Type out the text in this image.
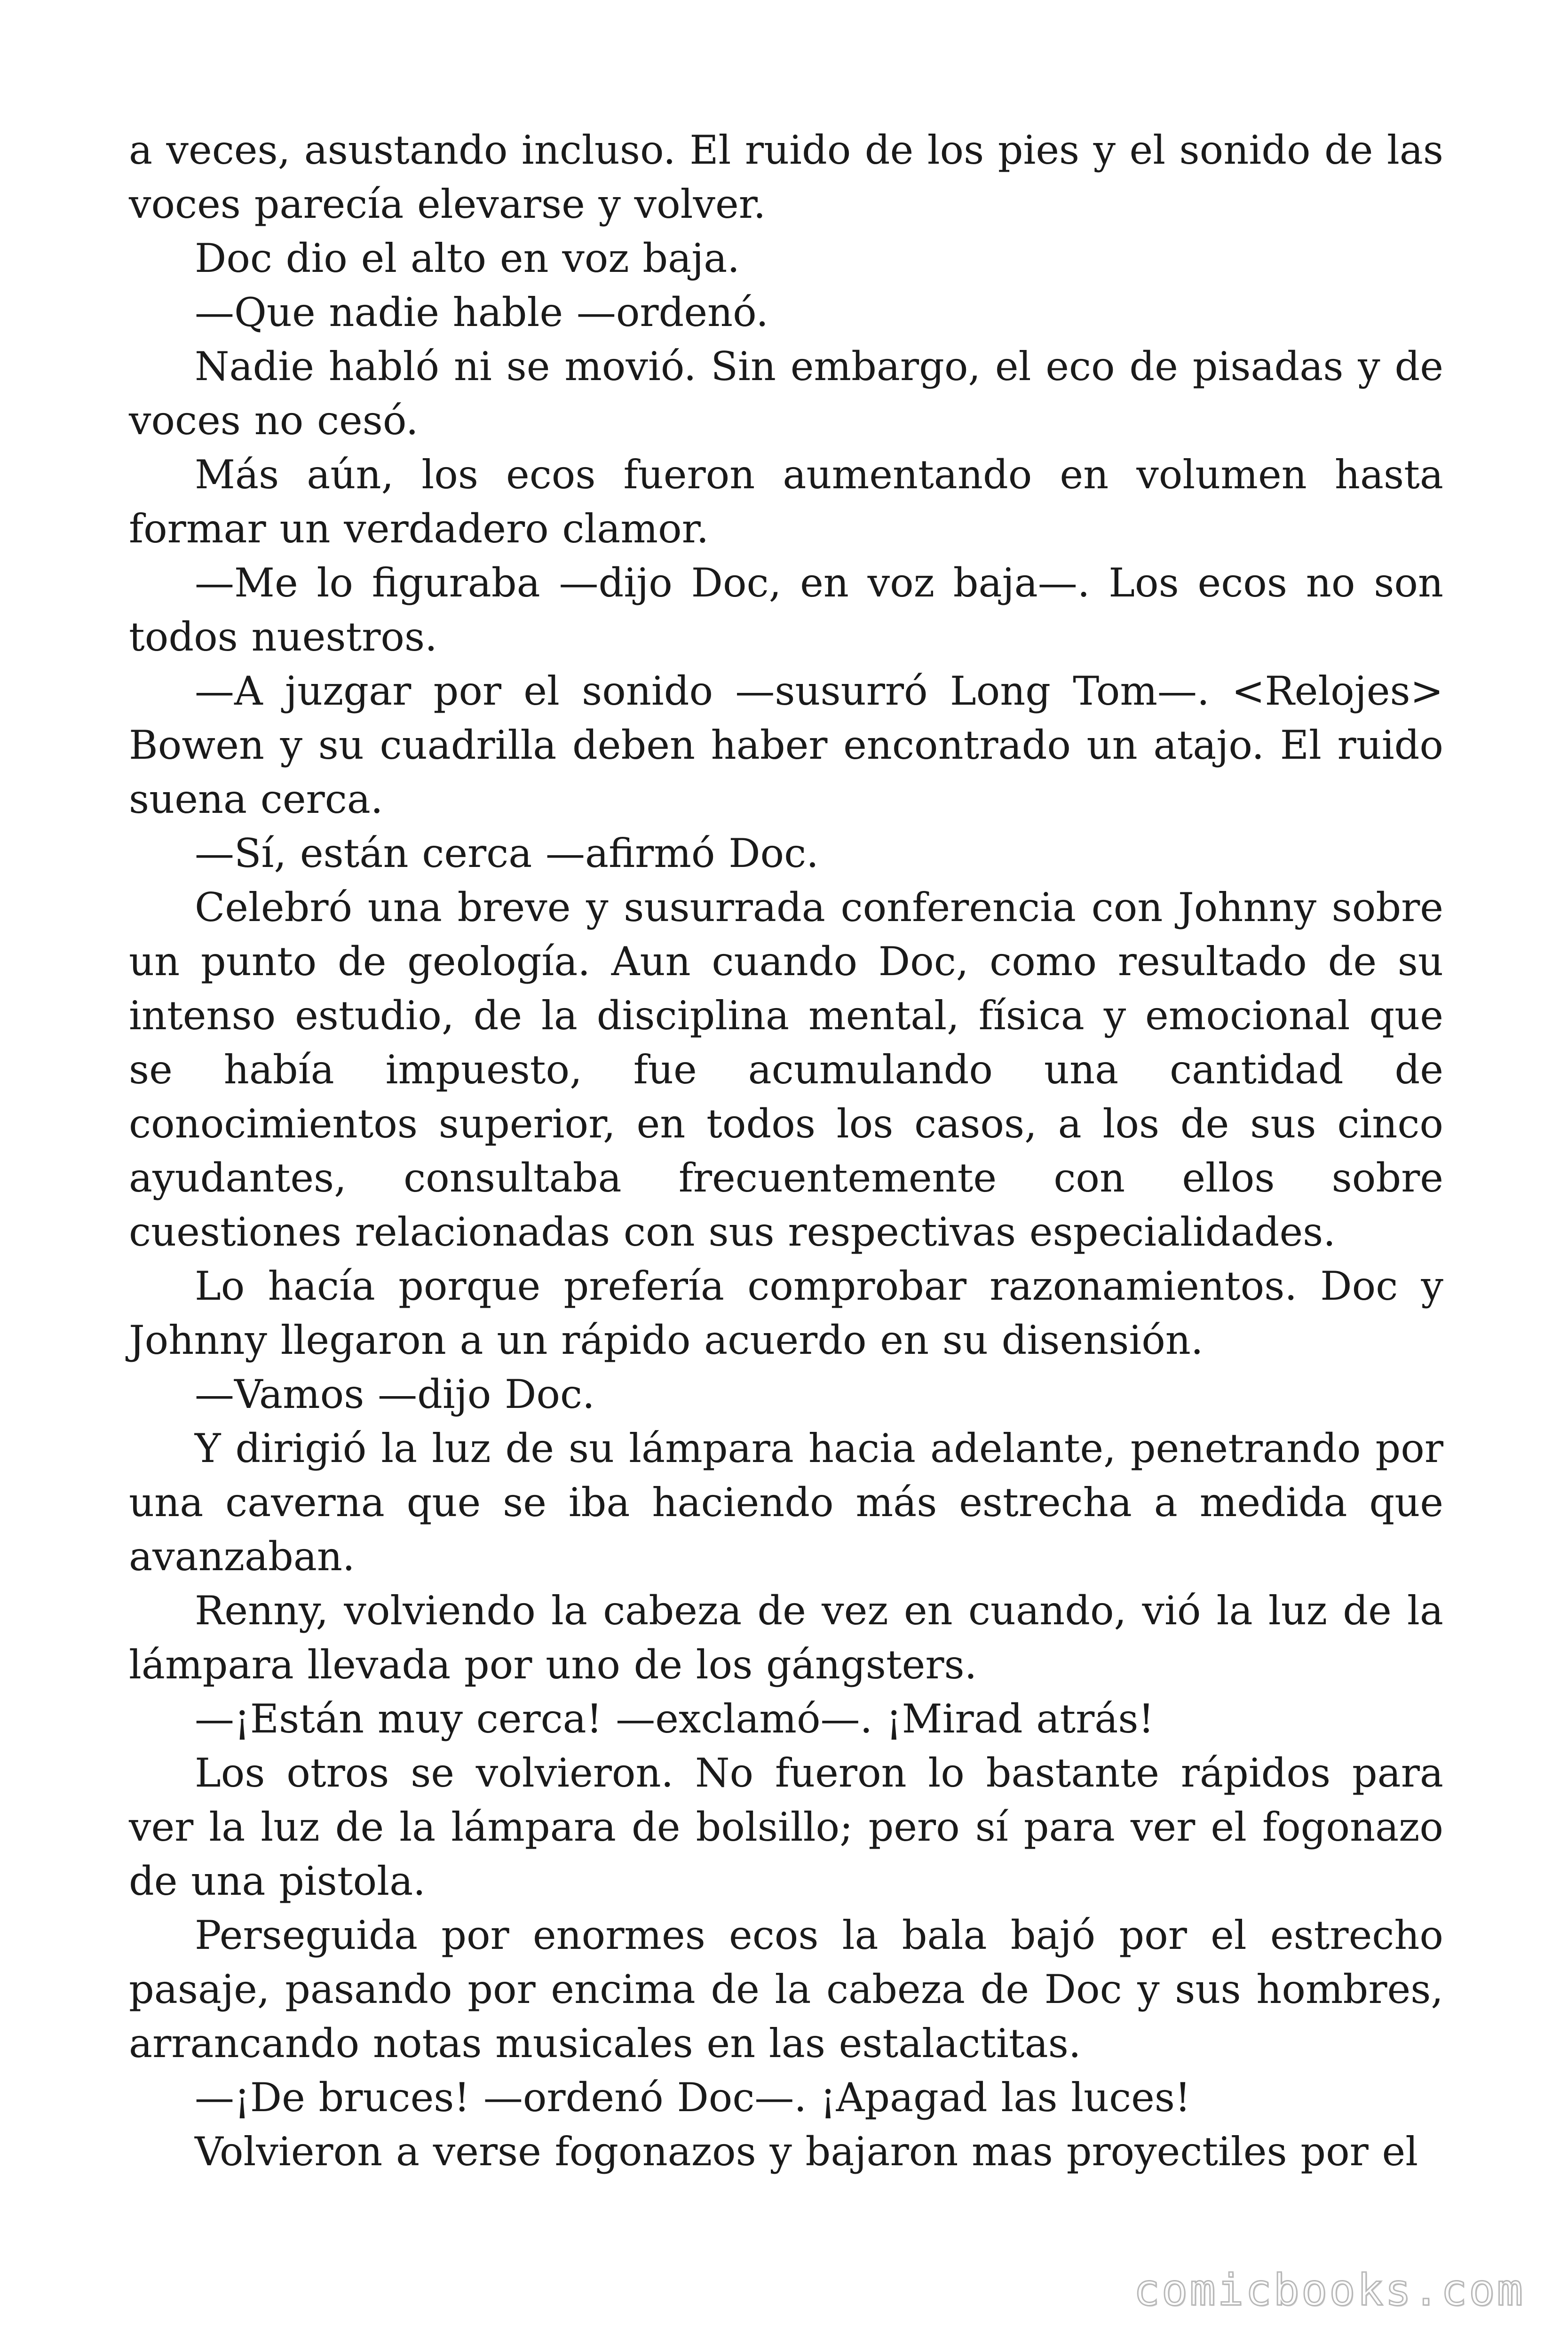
a veces, asustando incluso. El ruido de los pies y el sonido de las voces parecía elevarse y volver.

Doc dio el alto en voz baja.

—Que nadie hable —ordenó.

Nadie habló ni se movió. Sin embargo, el eco de pisadas y de voces no cesó.

Más aún, los ecos fueron aumentando en volumen hasta formar un verdadero clamor.

—Me lo figuraba —dijo Doc, en voz baja—. Los ecos no son todos nuestros.

—A juzgar por el sonido —susurró Long Tom—. <Relojes> Bowen y su cuadrilla deben haber encontrado un atajo. El ruido suena cerca.

—Sí, están cerca —afirmó Doc.

Celebró una breve y susurrada conferencia con Johnny sobre un punto de geología. Aun cuando Doc, como resultado de su intenso estudio, de la disciplina mental, física y emocional que se había impuesto, fue acumulando una cantidad de conocimientos superior, en todos los casos, a los de sus cinco ayudantes, consultaba frecuentemente con ellos sobre cuestiones relacionadas con sus respectivas especialidades.

Lo hacía porque prefería comprobar razonamientos. Doc y Johnny llegaron a un rápido acuerdo en su disensión.

—Vamos —dijo Doc.

Y dirigió la luz de su lámpara hacia adelante, penetrando por una caverna que se iba haciendo más estrecha a medida que avanzaban.

Renny, volviendo la cabeza de vez en cuando, vió la luz de la lámpara llevada por uno de los gángsters.

—¡Están muy cerca! —exclamó—. ¡Mirad atrás!

Los otros se volvieron. No fueron lo bastante rápidos para ver la luz de la lámpara de bolsillo; pero sí para ver el fogonazo de una pistola.

Perseguida por enormes ecos la bala bajó por el estrecho pasaje, pasando por encima de la cabeza de Doc y sus hombres, arrancando notas musicales en las estalactitas.

—¡De bruces! —ordenó Doc—. ¡Apagad las luces!

Volvieron a verse fogonazos y bajaron mas proyectiles por el

comicbooks.com
